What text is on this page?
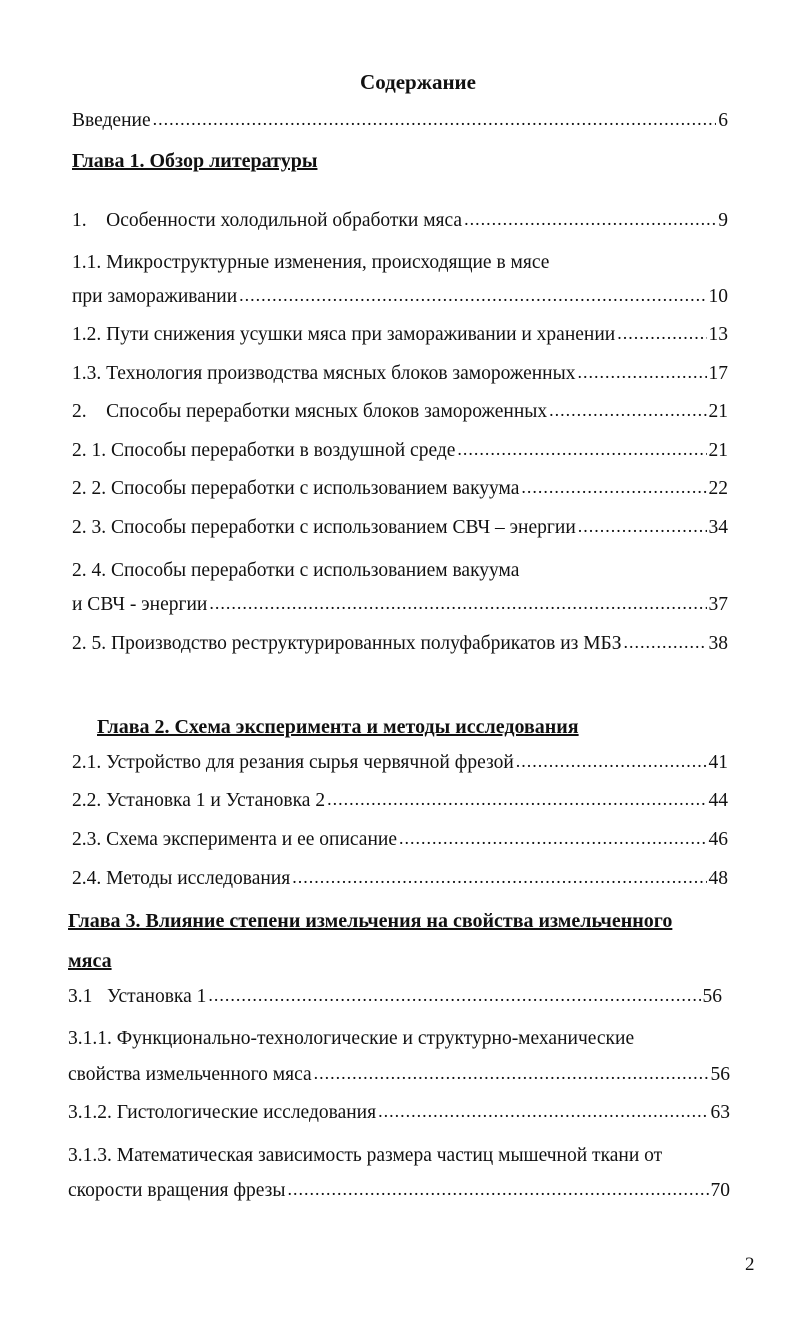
Содержание
Введение .....	6
Глава 1. Обзор литературы
1.    Особенности холодильной обработки мяса .....	9
1.1. Микроструктурные изменения, происходящие в мясе
при замораживании .....	10
1.2. Пути снижения усушки мяса при замораживании и хранении .....	13
1.3. Технология производства мясных блоков замороженных .....	17
2.    Способы переработки мясных блоков замороженных .....	21
2. 1. Способы переработки в воздушной среде .....	21
2. 2. Способы переработки с использованием вакуума .....	22
2. 3. Способы переработки с использованием СВЧ – энергии .....	34
2. 4. Способы переработки с использованием вакуума
и СВЧ - энергии .....	37
2. 5. Производство реструктурированных полуфабрикатов из МБЗ .....	38
Глава 2. Схема эксперимента и методы исследования
2.1. Устройство для резания сырья червячной фрезой .....	41
2.2. Установка 1 и Установка 2 .....	44
2.3. Схема эксперимента и ее описание .....	46
2.4. Методы исследования .....	48
Глава 3. Влияние степени измельчения на свойства измельченного
мяса
3.1   Установка 1 .....	56
3.1.1. Функционально-технологические и структурно-механические
свойства измельченного мяса .....	56
3.1.2. Гистологические исследования .....	63
3.1.3. Математическая зависимость размера частиц мышечной ткани от
скорости вращения фрезы .....	70
2
